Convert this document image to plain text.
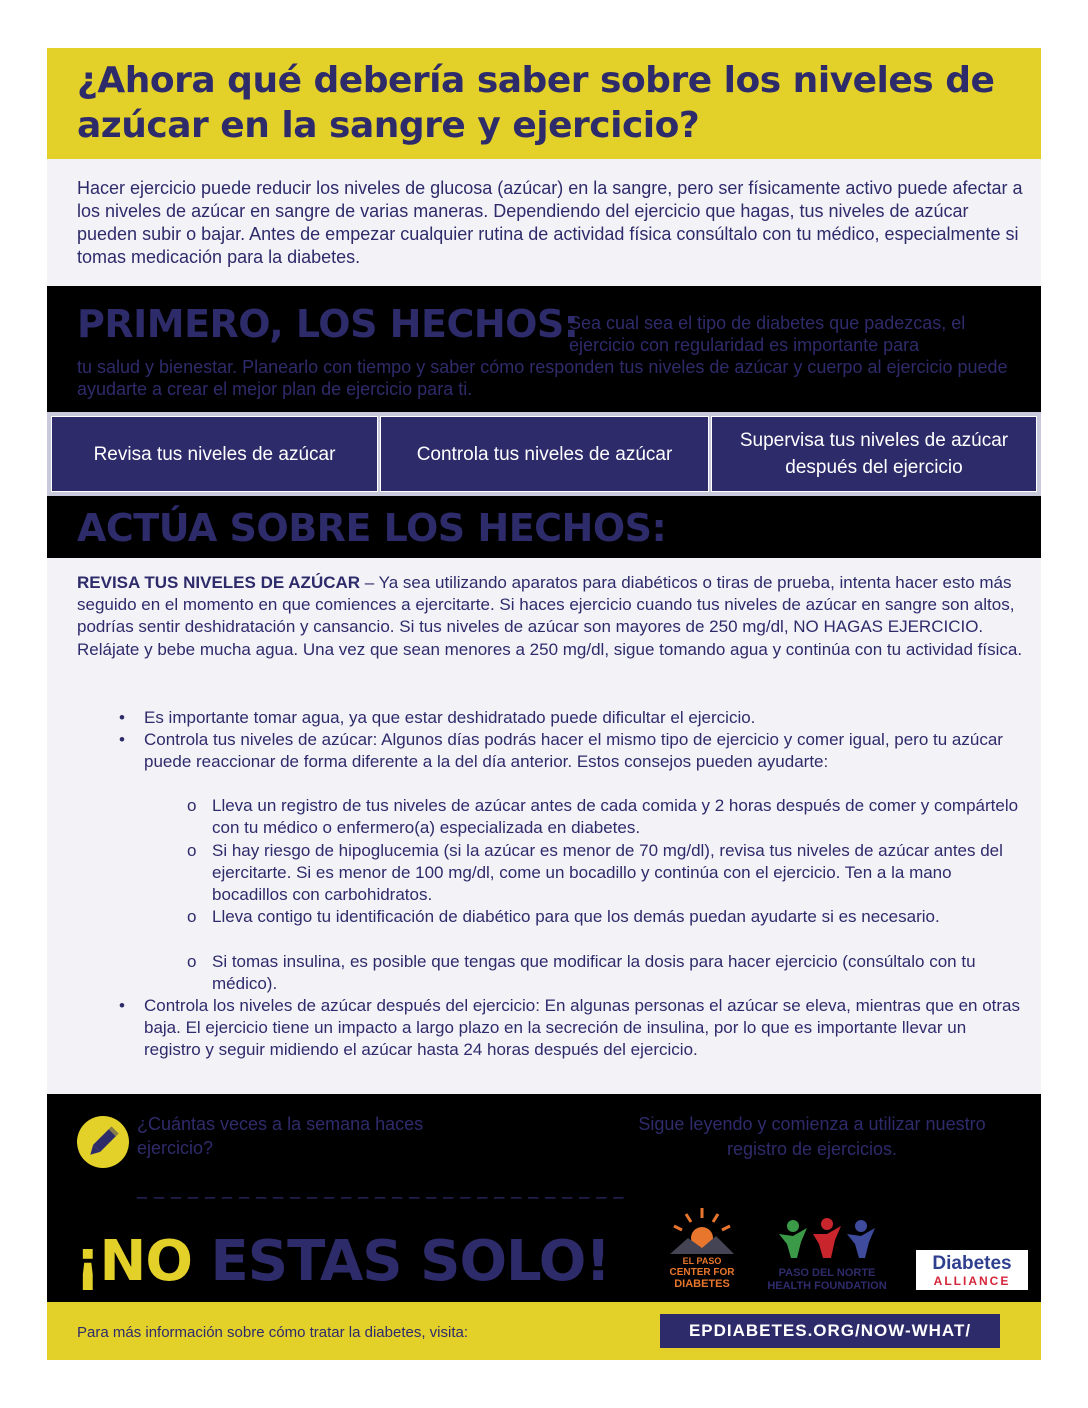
¿Ahora qué debería saber sobre los niveles de
azúcar en la sangre y ejercicio?

Hacer ejercicio puede reducir los niveles de glucosa (azúcar) en la sangre, pero ser físicamente activo puede afectar a los niveles de azúcar en sangre de varias maneras. Dependiendo del ejercicio que hagas, tus niveles de azúcar pueden subir o bajar. Antes de empezar cualquier rutina de actividad física consúltalo con tu médico, especialmente si tomas medicación para la diabetes.

PRIMERO, LOS HECHOS:
Sea cual sea el tipo de diabetes que padezcas, el ejercicio con regularidad es importante para
tu salud y bienestar. Planearlo con tiempo y saber cómo responden tus niveles de azúcar y cuerpo al ejercicio puede ayudarte a crear el mejor plan de ejercicio para ti.
Revisa tus niveles de azúcar	Controla tus niveles de azúcar
Supervisa tus niveles de azúcar después del ejercicio
ACTÚA SOBRE LOS HECHOS:

REVISA TUS NIVELES DE AZÚCAR – Ya sea utilizando aparatos para diabéticos o tiras de prueba, intenta hacer esto más seguido en el momento en que comiences a ejercitarte. Si haces ejercicio cuando tus niveles de azúcar en sangre son altos, podrías sentir deshidratación y cansancio. Si tus niveles de azúcar son mayores de 250 mg/dl, NO HAGAS EJERCICIO. Relájate y bebe mucha agua. Una vez que sean menores a 250 mg/dl, sigue tomando agua y continúa con tu actividad física.

• Es importante tomar agua, ya que estar deshidratado puede dificultar el ejercicio.

• Controla tus niveles de azúcar: Algunos días podrás hacer el mismo tipo de ejercicio y comer igual, pero tu azúcar puede reaccionar de forma diferente a la del día anterior. Estos consejos pueden ayudarte:

o Lleva un registro de tus niveles de azúcar antes de cada comida y 2 horas después de comer y compártelo con tu médico o enfermero(a) especializada en diabetes.

o Si hay riesgo de hipoglucemia (si la azúcar es menor de 70 mg/dl), revisa tus niveles de azúcar antes del ejercitarte. Si es menor de 100 mg/dl, come un bocadillo y continúa con el ejercicio. Ten a la mano bocadillos con carbohidratos.

o Lleva contigo tu identificación de diabético para que los demás puedan ayudarte si es necesario.

o Si tomas insulina, es posible que tengas que modificar la dosis para hacer ejercicio (consúltalo con tu médico).

• Controla los niveles de azúcar después del ejercicio: En algunas personas el azúcar se eleva, mientras que en otras baja. El ejercicio tiene un impacto a largo plazo en la secreción de insulina, por lo que es importante llevar un registro y seguir midiendo el azúcar hasta 24 horas después del ejercicio.

¿Cuántas veces a la semana haces ejercicio?
_ _ _ _ _ _ _ _ _ _ _ _ _ _ _ _ _ _ _ _ _ _ _ _ _ _ _ _ _
Sigue leyendo y comienza a utilizar nuestro registro de ejercicios.
¡NO ESTAS SOLO!	EL PASO
CENTER FOR
DIABETES
PASO DEL NORTE
HEALTH FOUNDATION
Diabetes
ALLIANCE
Para más información sobre cómo tratar la diabetes, visita:	EPDIABETES.ORG/NOW-WHAT/
